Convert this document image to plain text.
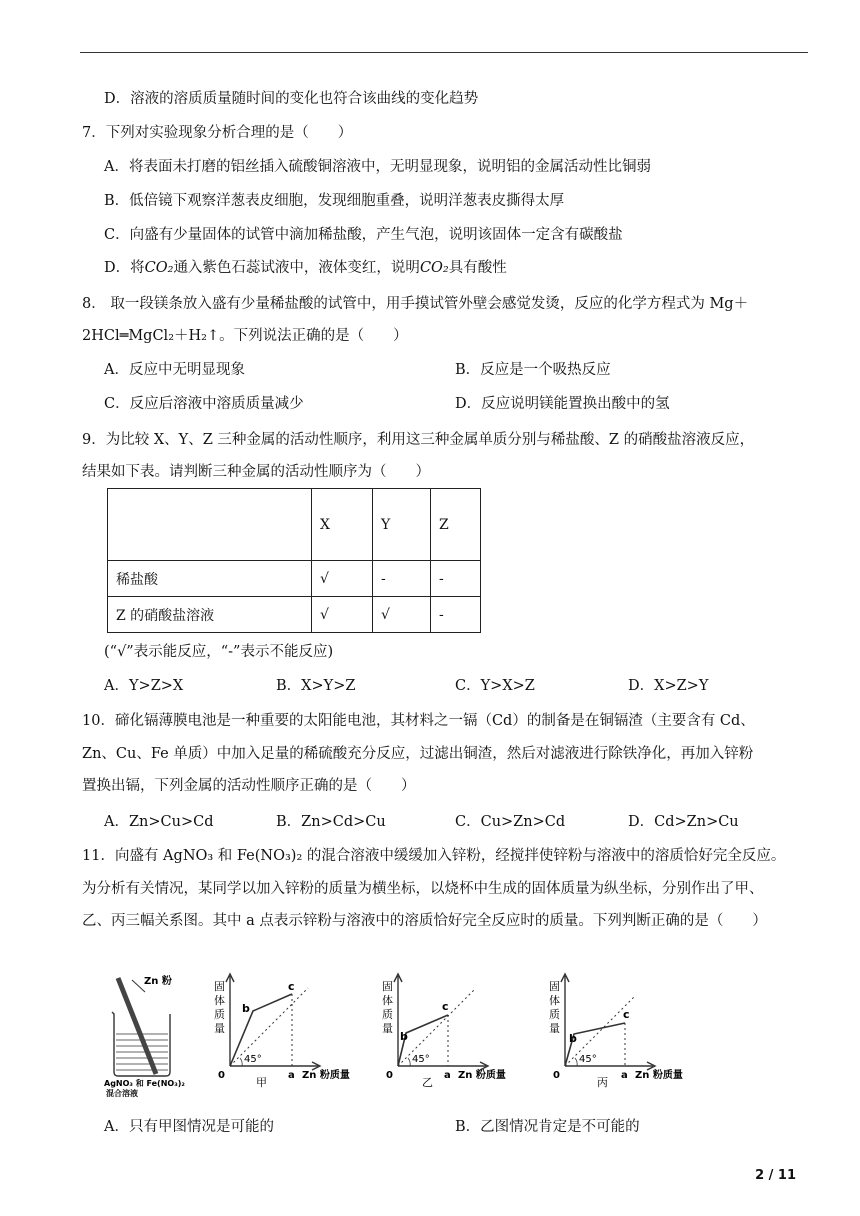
D．溶液的溶质质量随时间的变化也符合该曲线的变化趋势
7．下列对实验现象分析合理的是（　　）
A．将表面未打磨的铝丝插入硫酸铜溶液中，无明显现象，说明铝的金属活动性比铜弱
B．低倍镜下观察洋葱表皮细胞，发现细胞重叠，说明洋葱表皮撕得太厚
C．向盛有少量固体的试管中滴加稀盐酸，产生气泡，说明该固体一定含有碳酸盐
D．将CO₂通入紫色石蕊试液中，液体变红，说明CO₂具有酸性
8． 取一段镁条放入盛有少量稀盐酸的试管中，用手摸试管外壁会感觉发烫，反应的化学方程式为 Mg＋
2HCl═MgCl₂＋H₂↑。下列说法正确的是（　　）
A．反应中无明显现象	B．反应是一个吸热反应
C．反应后溶液中溶质质量减少	D．反应说明镁能置换出酸中的氢
9．为比较 X、Y、Z 三种金属的活动性顺序，利用这三种金属单质分别与稀盐酸、Z 的硝酸盐溶液反应，
结果如下表。请判断三种金属的活动性顺序为（　　）
	X	Y	Z
稀盐酸	√	-	-
Z 的硝酸盐溶液	√	√	-
(“√”表示能反应，“-”表示不能反应)
A．Y>Z>X	B．X>Y>Z	C．Y>X>Z	D．X>Z>Y
10．碲化镉薄膜电池是一种重要的太阳能电池，其材料之一镉（Cd）的制备是在铜镉渣（主要含有 Cd、
Zn、Cu、Fe 单质）中加入足量的稀硫酸充分反应，过滤出铜渣，然后对滤液进行除铁净化，再加入锌粉
置换出镉，下列金属的活动性顺序正确的是（　　）
A．Zn>Cu>Cd	B．Zn>Cd>Cu	C．Cu>Zn>Cd	D．Cd>Zn>Cu
11．向盛有 AgNO₃ 和 Fe(NO₃)₂ 的混合溶液中缓缓加入锌粉，经搅拌使锌粉与溶液中的溶质恰好完全反应。
为分析有关情况，某同学以加入锌粉的质量为横坐标，以烧杯中生成的固体质量为纵坐标，分别作出了甲、
乙、丙三幅关系图。其中 a 点表示锌粉与溶液中的溶质恰好完全反应时的质量。下列判断正确的是（　　）
Zn 粉
AgNO₃ 和 Fe(NO₃)₂
固
体
质
量
b
c
45°
0	a Zn 粉质量
甲
固
体
质
量
b
c
45°
0	a Zn 粉质量
乙
固
体
质
量
b
c
45°
0	a Zn 粉质量
丙
混合溶液
A．只有甲图情况是可能的	B．乙图情况肯定是不可能的
2 / 11
